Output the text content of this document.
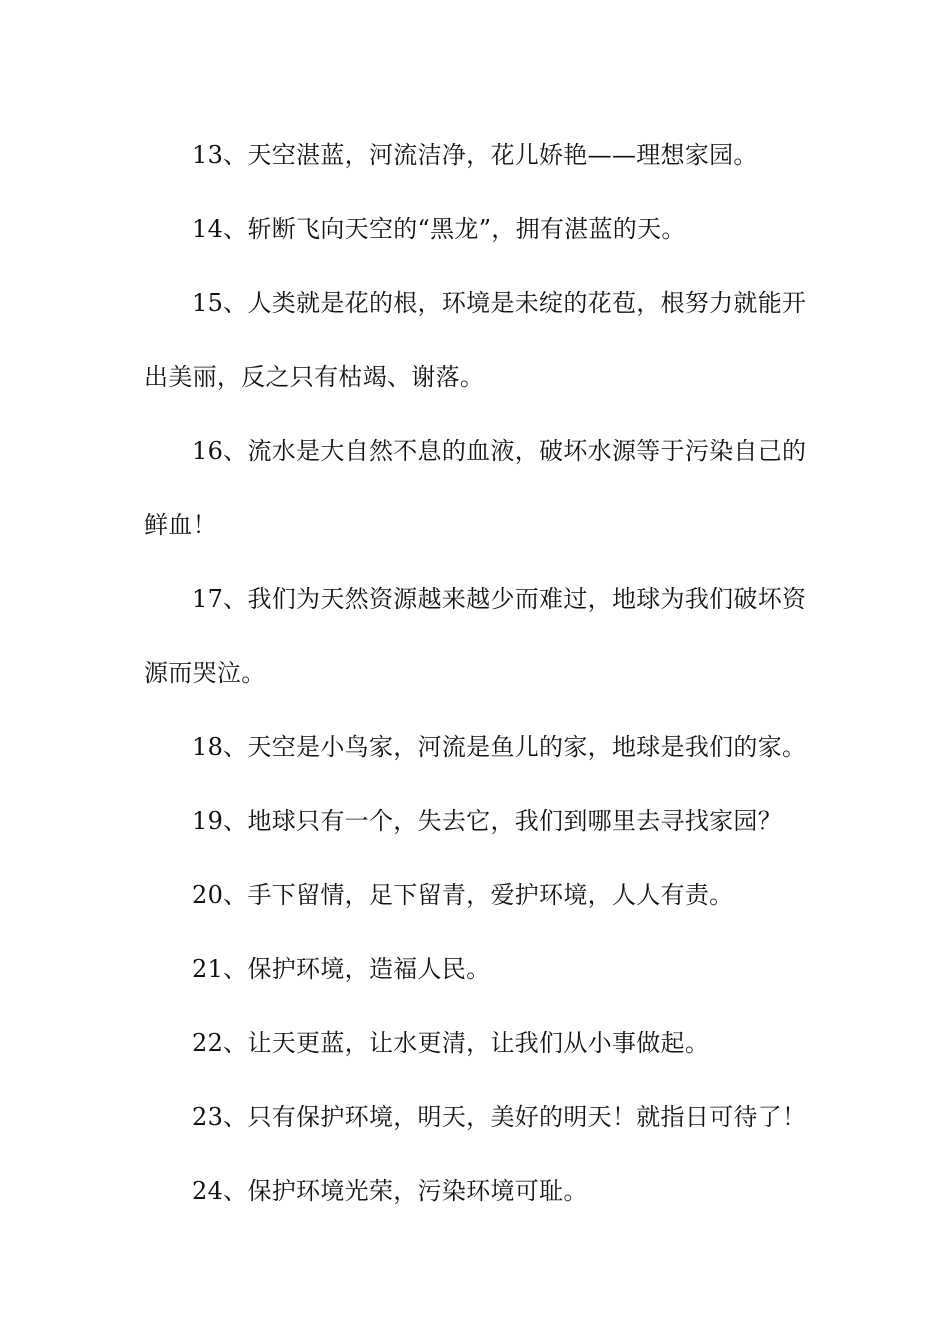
13、天空湛蓝，河流洁净，花儿娇艳——理想家园。

14、斩断飞向天空的“黑龙”，拥有湛蓝的天。

15、人类就是花的根，环境是未绽的花苞，根努力就能开出美丽，反之只有枯竭、谢落。

16、流水是大自然不息的血液，破坏水源等于污染自己的鲜血！

17、我们为天然资源越来越少而难过，地球为我们破坏资源而哭泣。

18、天空是小鸟家，河流是鱼儿的家，地球是我们的家。

19、地球只有一个，失去它，我们到哪里去寻找家园？

20、手下留情，足下留青，爱护环境，人人有责。

21、保护环境，造福人民。

22、让天更蓝，让水更清，让我们从小事做起。

23、只有保护环境，明天，美好的明天！就指日可待了！

24、保护环境光荣，污染环境可耻。
